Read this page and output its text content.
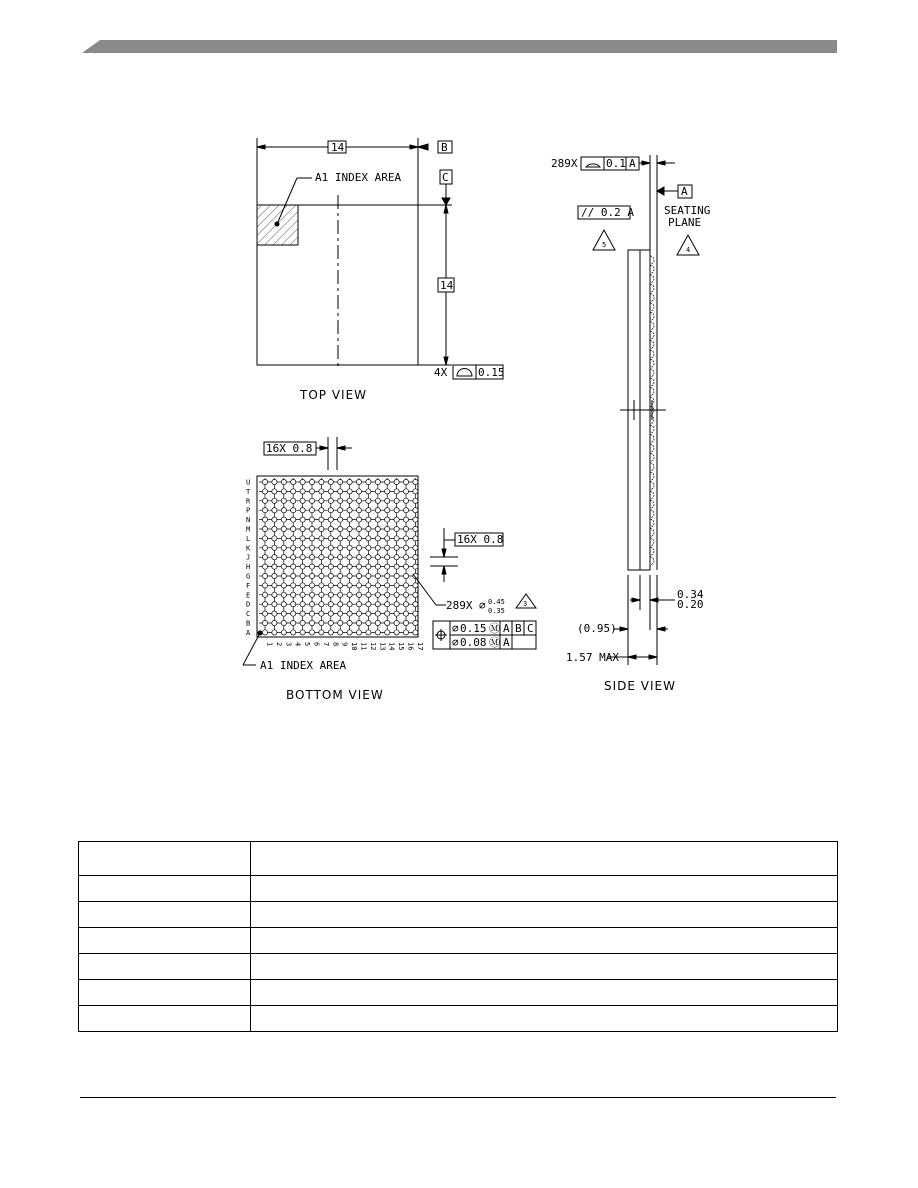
14	B
C
A1 INDEX AREA
14
4X	0.15
TOP VIEW
16X 0.8
16X 0.8
289X ⌀ 0.45
0.35
3
⌀ 0.15 Ⓜ A B C
⌀ 0.08 Ⓜ A
A1 INDEX AREA
BOTTOM VIEW
U
T
R
P
N
M
L
K
J
H
G
F
E
D
C
B
A
1 2 3 4 5 6 7 8 9 10 11 12 13 14 15 16 17
289X	0.1 A
A
SEATING
PLANE
// 0.2 A
5
4
0.34
0.20
(0.95)
1.57 MAX
SIDE VIEW
